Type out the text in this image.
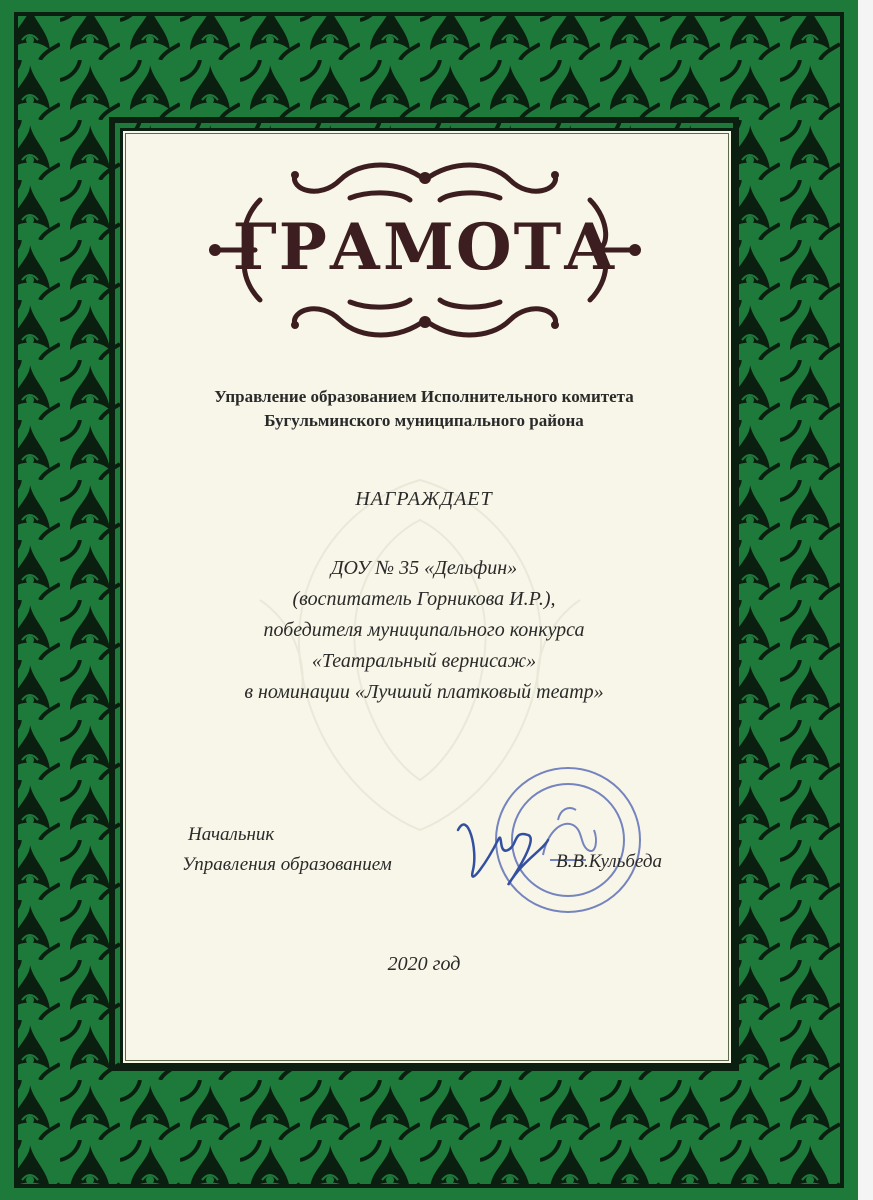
ГРАМОТА
Управление образованием Исполнительного комитета
Бугульминского муниципального района
НАГРАЖДАЕТ
ДОУ № 35 «Дельфин»
(воспитатель Горникова И.Р.),
победителя муниципального конкурса
«Театральный вернисаж»
в номинации «Лучший платковый театр»
Начальник
Управления образованием	В.В.Кульбеда
2020 год
